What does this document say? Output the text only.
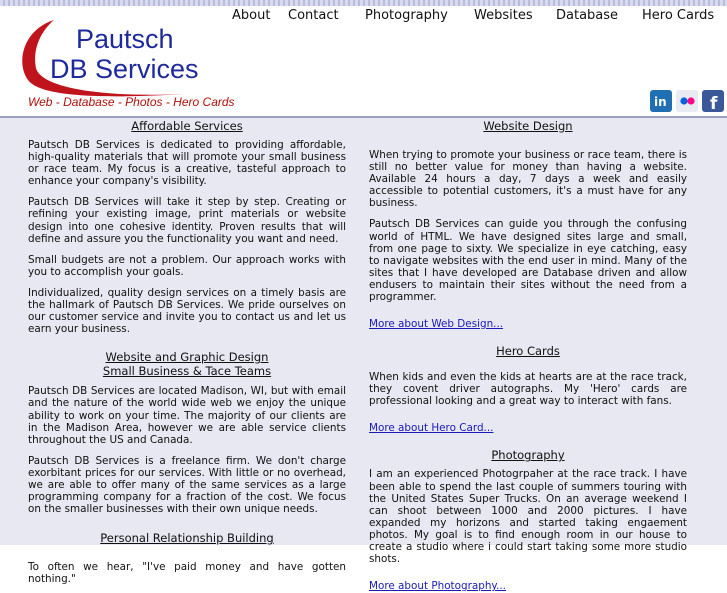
Pautsch
DB Services
Web - Database - Photos - Hero Cards
About Contact Photography Websites Database Hero Cards
in	f
Affordable Services

Pautsch DB Services is dedicated to providing affordable, high-quality materials that will promote your small business or race team. My focus is a creative, tasteful approach to enhance your company's visibility.

Pautsch DB Services will take it step by step. Creating or refining your existing image, print materials or website design into one cohesive identity. Proven results that will define and assure you the functionality you want and need.

Small budgets are not a problem. Our approach works with you to accomplish your goals.

Individualized, quality design services on a timely basis are the hallmark of Pautsch DB Services. We pride ourselves on our customer service and invite you to contact us and let us earn your business.

Website and Graphic Design
Small Business & Tace Teams

Pautsch DB Services are located Madison, WI, but with email and the nature of the world wide web we enjoy the unique ability to work on your time. The majority of our clients are in the Madison Area, however we are able service clients throughout the US and Canada.

Pautsch DB Services is a freelance firm. We don't charge exorbitant prices for our services. With little or no overhead, we are able to offer many of the same services as a large programming company for a fraction of the cost. We focus on the smaller businesses with their own unique needs.

Personal Relationship Building

To often we hear, "I've paid money and have gotten nothing."

Website Design

When trying to promote your business or race team, there is still no better value for money than having a website. Available 24 hours a day, 7 days a week and easily accessible to potential customers, it's a must have for any business.

Pautsch DB Services can guide you through the confusing world of HTML. We have designed sites large and small, from one page to sixty. We specialize in eye catching, easy to navigate websites with the end user in mind. Many of the sites that I have developed are Database driven and allow endusers to maintain their sites without the need from a programmer.

More about Web Design...
Hero Cards

When kids and even the kids at hearts are at the race track, they covent driver autographs. My 'Hero' cards are professional looking and a great way to interact with fans.

More about Hero Card...
Photography

I am an experienced Photogrpaher at the race track. I have been able to spend the last couple of summers touring with the United States Super Trucks. On an average weekend I can shoot between 1000 and 2000 pictures. I have expanded my horizons and started taking engaement photos. My goal is to find enough room in our house to create a studio where i could start taking some more studio shots.

More about Photography...
